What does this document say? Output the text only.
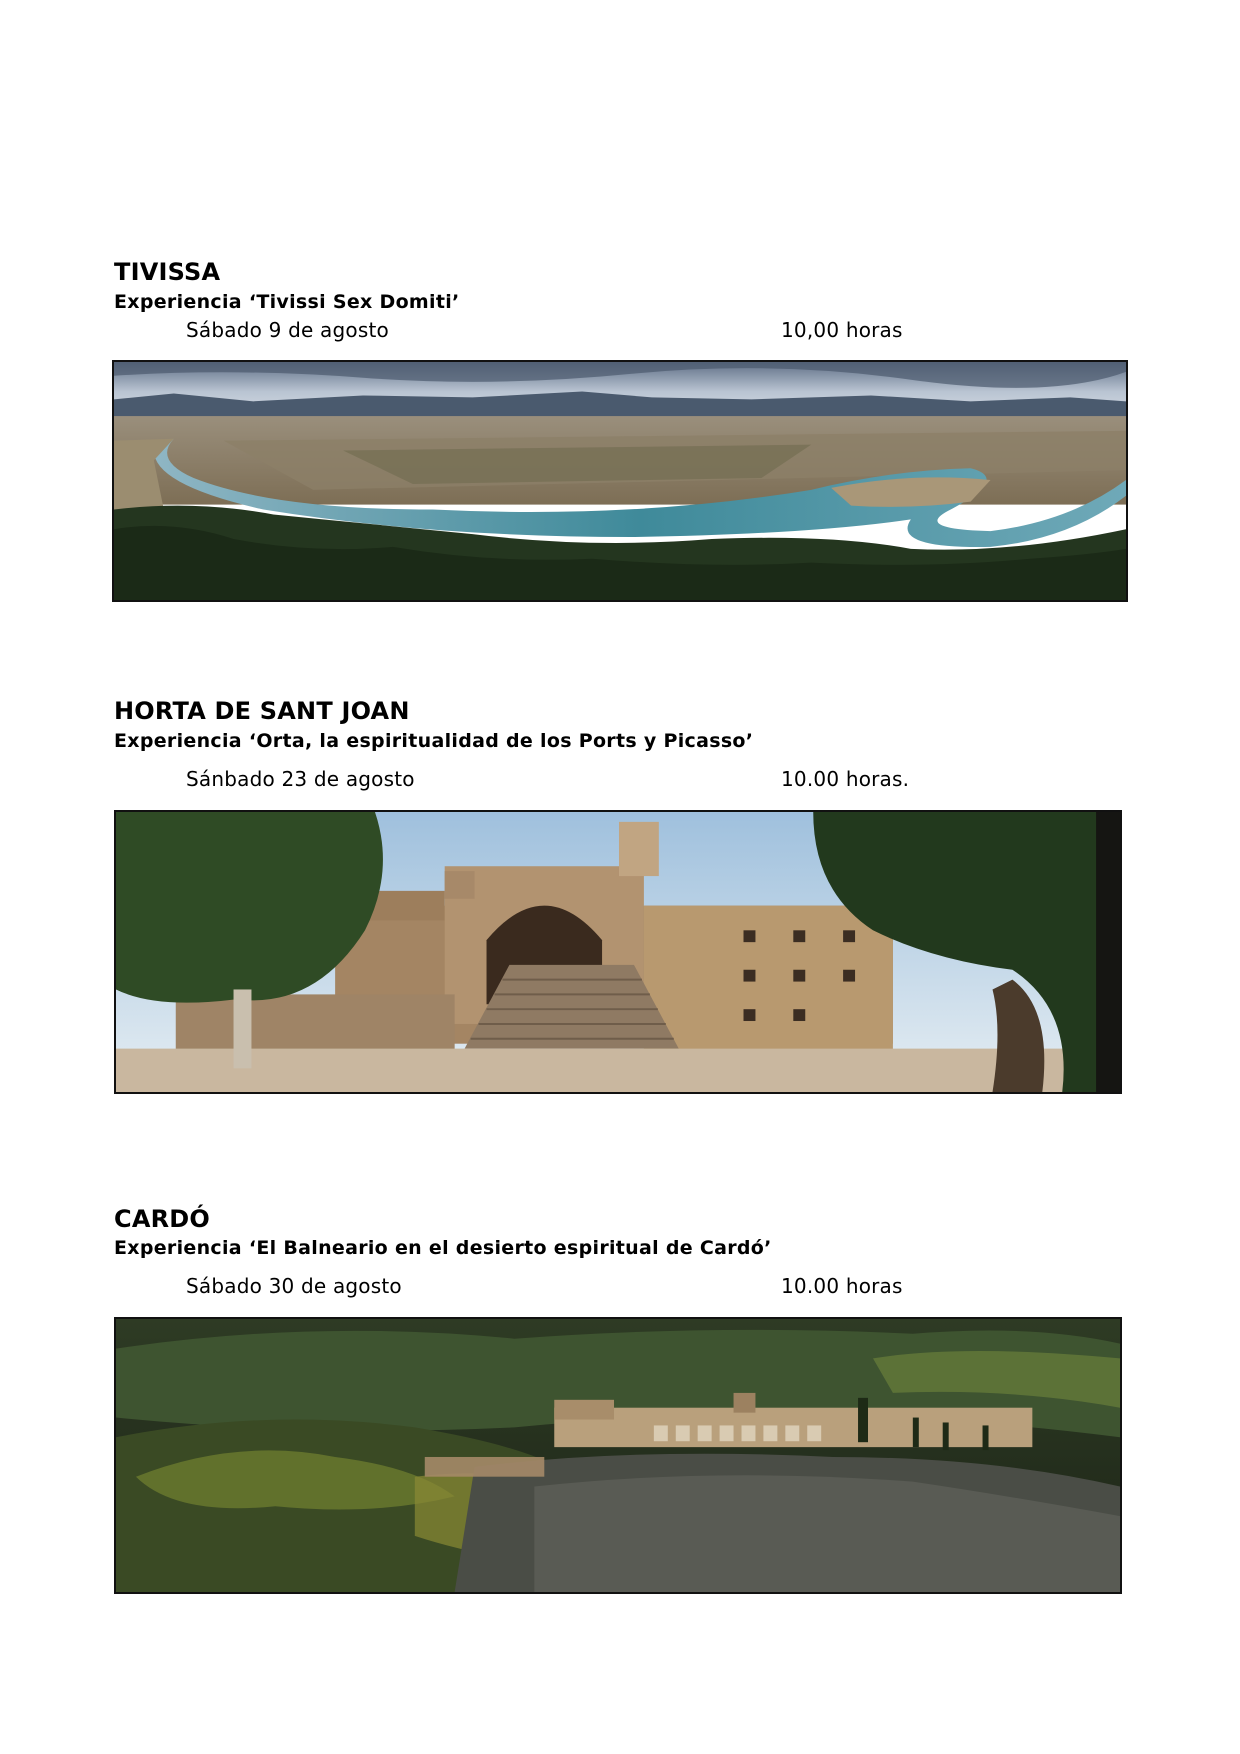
TIVISSA
Experiencia ‘Tivissi Sex Domiti’
Sábado 9 de agosto	10,00 horas
HORTA DE SANT JOAN
Experiencia ‘Orta, la espiritualidad de los Ports y Picasso’
Sánbado 23 de agosto	10.00 horas.
CARDÓ
Experiencia ‘El Balneario en el desierto espiritual de Cardó’
Sábado 30 de agosto	10.00 horas
